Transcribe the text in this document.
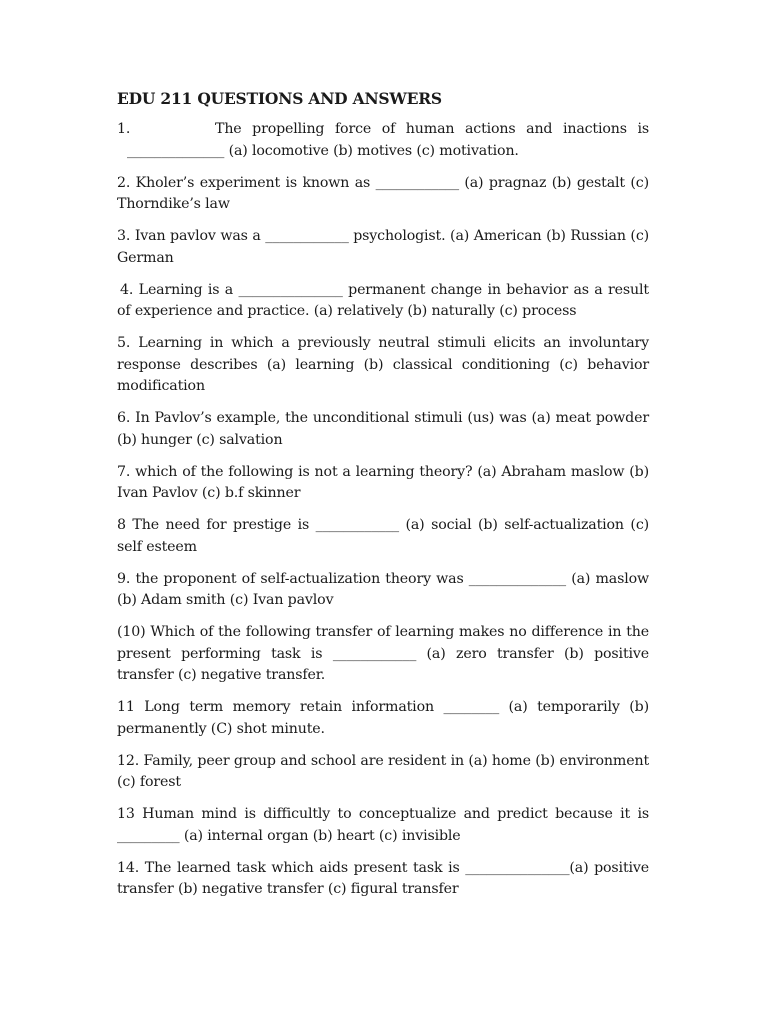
EDU 211 QUESTIONS AND ANSWERS

1.        The propelling force of human actions and inactions is ______________ (a) locomotive (b) motives (c) motivation.

2. Kholer’s experiment is known as ____________ (a) pragnaz (b) gestalt (c) Thorndike’s law

3. Ivan pavlov was a ____________ psychologist. (a) American (b) Russian (c) German

4. Learning is a _______________ permanent change in behavior as a result of experience and practice. (a) relatively (b) naturally (c) process

5. Learning in which a previously neutral stimuli elicits an involuntary response describes (a) learning (b) classical conditioning (c) behavior modification

6. In Pavlov’s example, the unconditional stimuli (us) was (a) meat powder (b) hunger (c) salvation

7. which of the following is not a learning theory? (a) Abraham maslow (b) Ivan Pavlov (c) b.f skinner

8 The need for prestige is ____________ (a) social (b) self-actualization (c) self esteem

9. the proponent of self-actualization theory was ______________ (a) maslow (b) Adam smith (c) Ivan pavlov

(10) Which of the following transfer of learning makes no difference in the present performing task is ____________ (a) zero transfer (b) positive transfer (c) negative transfer.

11 Long term memory retain information ________ (a) temporarily (b) permanently (C) shot minute.

12. Family, peer group and school are resident in (a) home (b) environment (c) forest

13 Human mind is difficultly to conceptualize and predict because it is _________ (a) internal organ (b) heart (c) invisible

14. The learned task which aids present task is _______________(a) positive transfer (b) negative transfer (c) figural transfer
